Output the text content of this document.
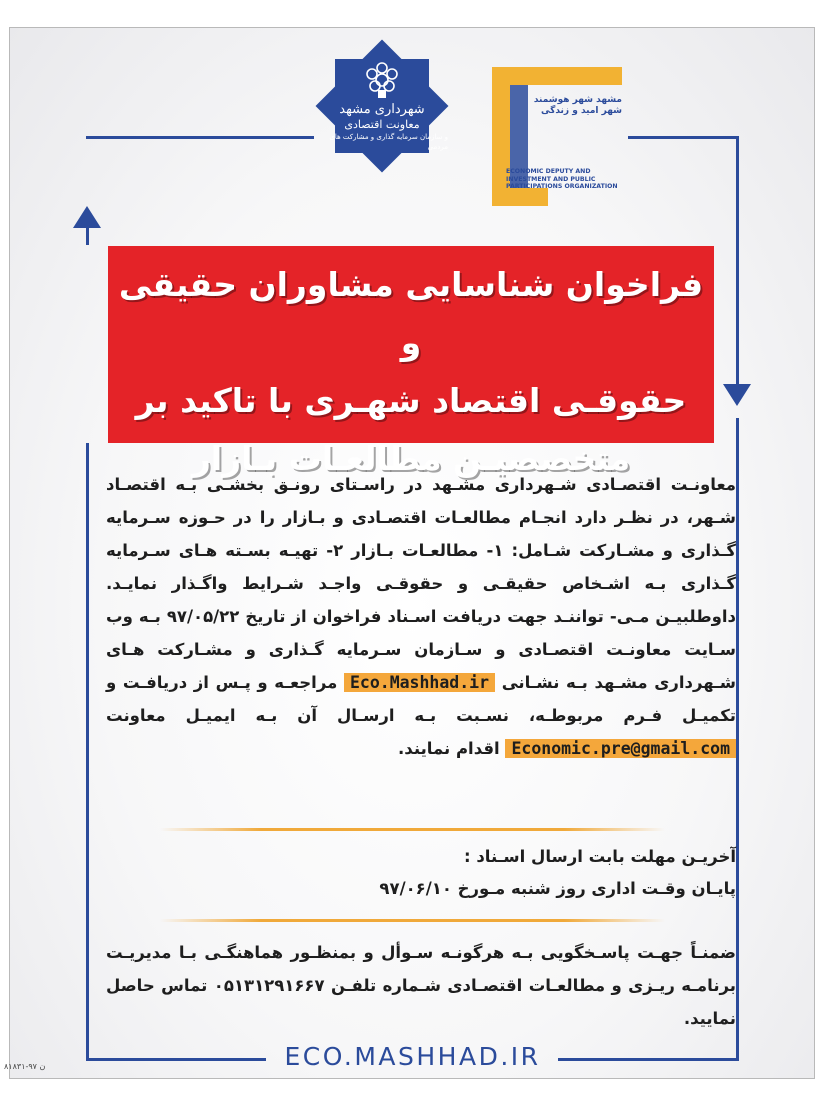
شهرداری مشهد
معاونت اقتصادی
و سازمان سرمایه گذاری و مشارکت های مردمی
مشهد شهر هوشمند
شهر امید و زندگی
ECONOMIC DEPUTY AND INVESTMENT AND PUBLIC PARTICIPATIONS ORGANIZATION
فراخوان شناسایی مشاوران حقیقی و
حقوقـی اقتصاد شهـری با تاکید بر
متخصصیـن مطالعـات بـازار
معاونـت اقتصـادی شـهرداری مشـهد در راسـتای رونـق بخشـی بـه اقتصـاد شـهر، در نظـر دارد انجـام مطالعـات اقتصـادی و بـازار را در حـوزه سـرمایه گـذاری و مشـارکت شـامل: ۱- مطالعـات بـازار ۲- تهیـه بسـته هـای سـرمایه گـذاری بـه اشـخاص حقیقـی و حقوقـی واجـد شـرایط واگـذار نمایـد. داوطلبیـن مـی- تواننـد جهت دریافت اسـناد فراخوان از تاریخ ۹۷/۰۵/۲۲ بـه وب سـایت معاونـت اقتصـادی و سـازمان سـرمایه گـذاری و مشـارکت هـای شـهرداری مشـهد بـه نشـانی Eco.Mashhad.ir مراجعـه و پـس از دریافـت و تکمیـل فـرم مربوطـه، نسـبت بـه ارسـال آن بـه ایمیـل معاونت Economic.pre@gmail.com اقدام نمایند.
آخریـن مهلت بابت ارسال اسـناد :
پایـان وقـت اداری روز شنبه مـورخ ۹۷/۰۶/۱۰
ضمنـاً جهـت پاسـخگویی بـه هرگونـه سـوأل و بمنظـور هماهنگـی بـا مدیریـت برنامـه ریـزی و مطالعـات اقتصـادی شـماره تلفـن ۰۵۱۳۱۲۹۱۶۶۷ تماس حاصل نمایید.
ECO.MASHHAD.IR
ن ۹۷-۸۱۸۳۱
